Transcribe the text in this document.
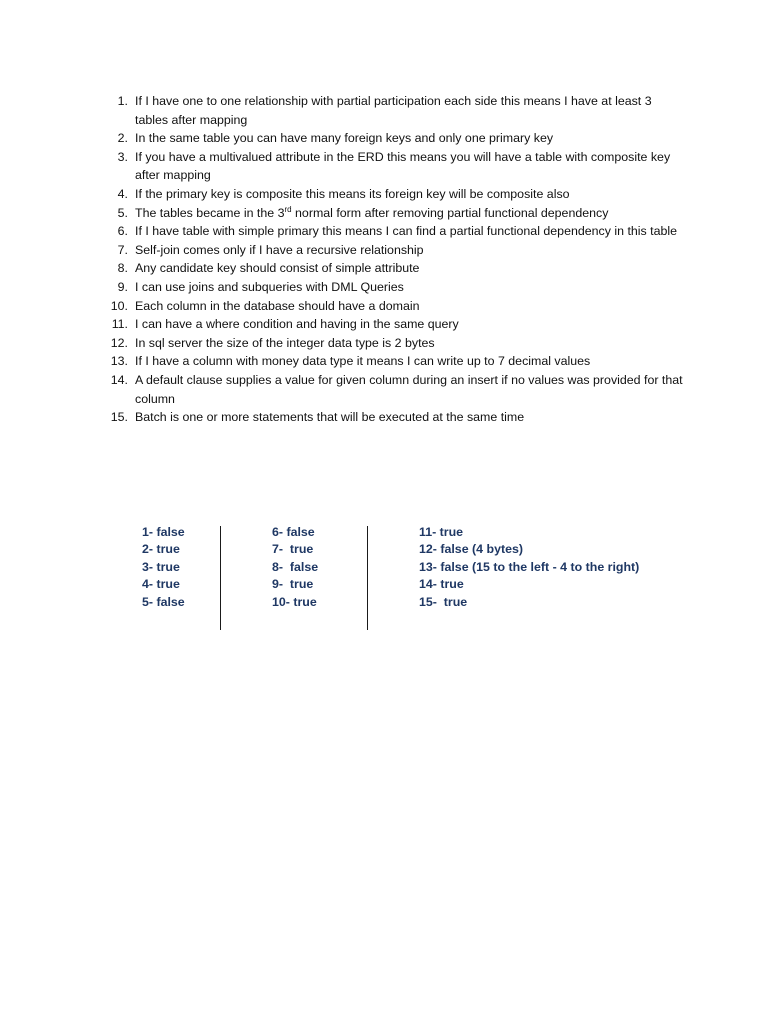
1. If I have one to one relationship with partial participation each side this means I have at least 3 tables after mapping
2. In the same table you can have many foreign keys and only one primary key
3. If you have a multivalued attribute in the ERD this means you will have a table with composite key after mapping
4. If the primary key is composite this means its foreign key will be composite also
5. The tables became in the 3rd normal form after removing partial functional dependency
6. If I have table with simple primary this means I can find a partial functional dependency in this table
7. Self-join comes only if I have a recursive relationship
8. Any candidate key should consist of simple attribute
9. I can use joins and subqueries with DML Queries
10. Each column in the database should have a domain
11. I can have a where condition and having in the same query
12. In sql server the size of the integer data type is 2 bytes
13. If I have a column with money data type it means I can write up to 7 decimal values
14. A default clause supplies a value for given column during an insert if no values was provided for that column
15. Batch is one or more statements that will be executed at the same time
1- false
2- true
3- true
4- true
5- false
6- false
7-  true
8-  false
9-  true
10- true
11- true
12- false (4 bytes)
13- false (15 to the left - 4 to the right)
14- true
15-  true
